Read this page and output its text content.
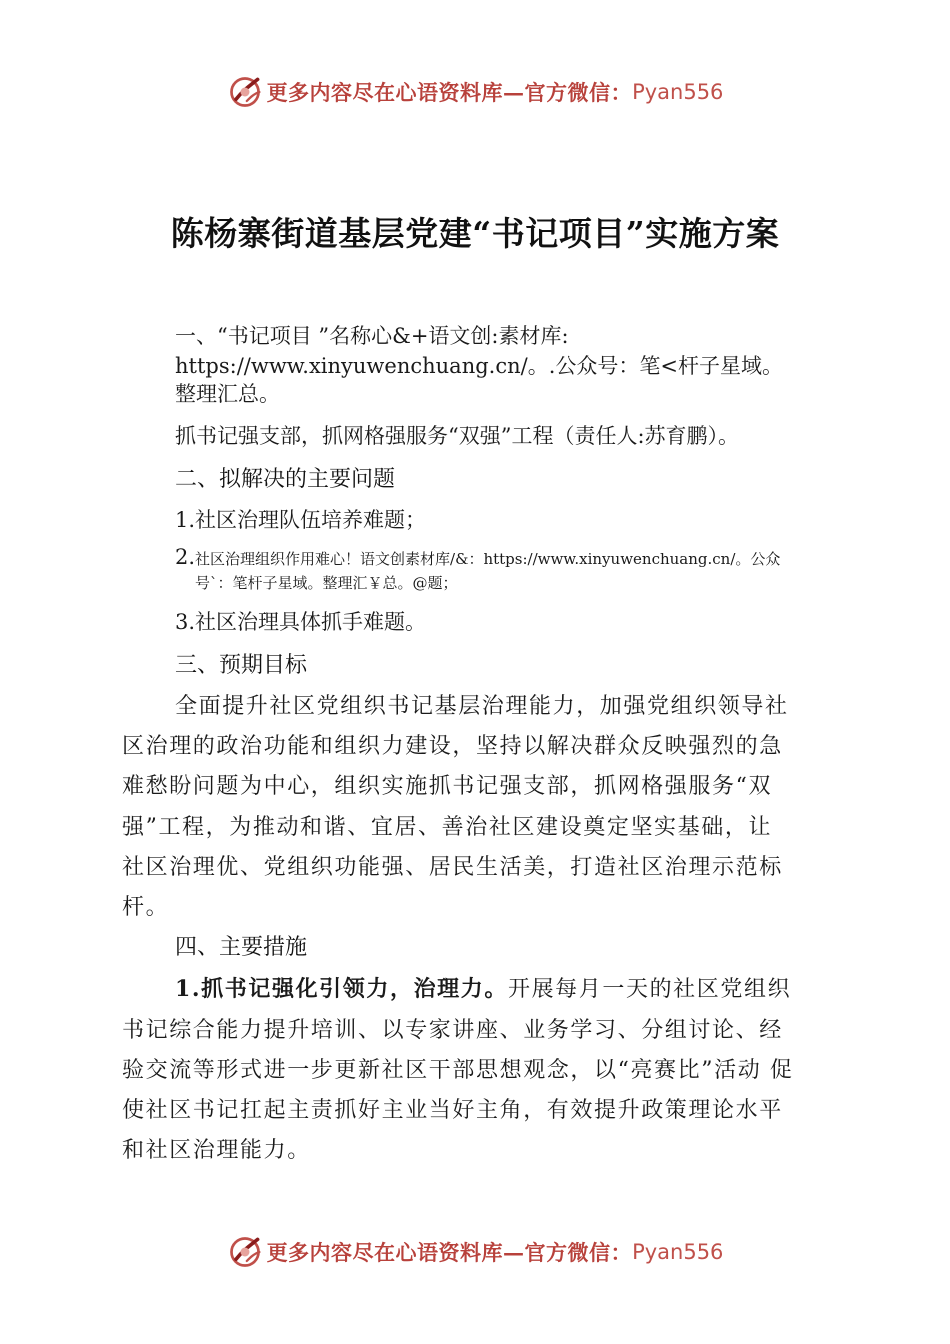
更多内容尽在心语资料库—官方微信： Pyan556
陈杨寨街道基层党建“书记项目”实施方案
一、“书记项目 ”名称心&+语文创:素材库:
https://www.xinyuwenchuang.cn/。.公众号：笔<杆子星域。
整理汇总。
抓书记强支部，抓网格强服务“双强”工程（责任人:苏育鹏）。
二、拟解决的主要问题
1.社区治理队伍培养难题；
2.社区治理组织作用难心！语文创素材库/&：https://www.xinyuwenchuang.cn/。公众
号`：笔杆子星域。整理汇￥总。@题；
3.社区治理具体抓手难题。
三、预期目标
全面提升社区党组织书记基层治理能力，加强党组织领导社
区治理的政治功能和组织力建设，坚持以解决群众反映强烈的急
难愁盼问题为中心，组织实施抓书记强支部，抓网格强服务“双
强”工程，为推动和谐、宜居、善治社区建设奠定坚实基础，让
社区治理优、党组织功能强、居民生活美，打造社区治理示范标
杆。
四、主要措施
1.抓书记强化引领力，治理力。开展每月一天的社区党组织
书记综合能力提升培训、以专家讲座、业务学习、分组讨论、经
验交流等形式进一步更新社区干部思想观念，以“亮赛比”活动 促
使社区书记扛起主责抓好主业当好主角，有效提升政策理论水平
和社区治理能力。
更多内容尽在心语资料库—官方微信： Pyan556
